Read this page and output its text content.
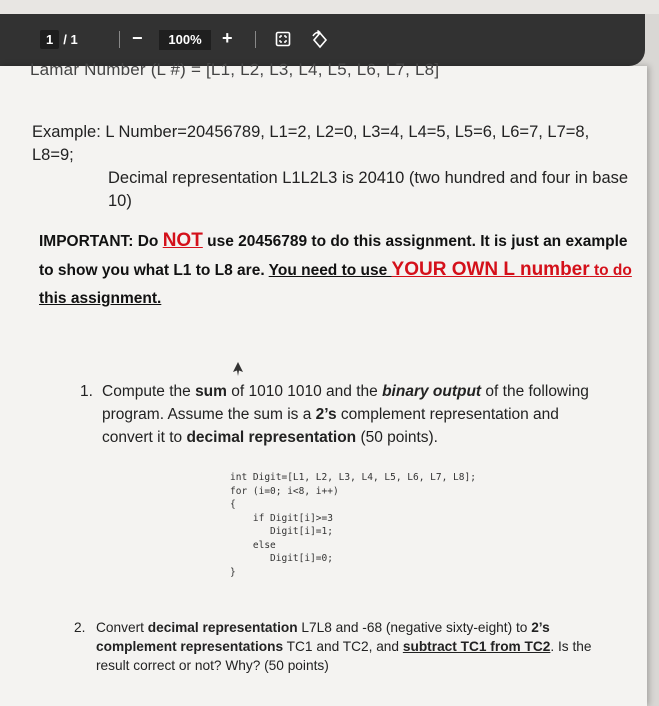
1 / 1	−	100%	+
Lamar Number (L #) = [L1, L2, L3, L4, L5, L6, L7, L8]
Example: L Number=20456789, L1=2, L2=0, L3=4, L4=5, L5=6, L6=7, L7=8, L8=9;
Decimal representation L1L2L3 is 20410 (two hundred and four in base
10)
IMPORTANT: Do NOT use 20456789 to do this assignment. It is just an example
to show you what L1 to L8 are. You need to use YOUR OWN L number to do
this assignment.
1. Compute the sum of 1010 1010 and the binary output of the following program. Assume the sum is a 2’s complement representation and convert it to decimal representation (50 points).
int Digit=[L1, L2, L3, L4, L5, L6, L7, L8];
for (i=0; i<8, i++)
{
if Digit[i]>=3
Digit[i]=1;
else
Digit[i]=0;
}
2. Convert decimal representation L7L8 and -68 (negative sixty-eight) to 2’s complement representations TC1 and TC2, and subtract TC1 from TC2. Is the result correct or not? Why? (50 points)
